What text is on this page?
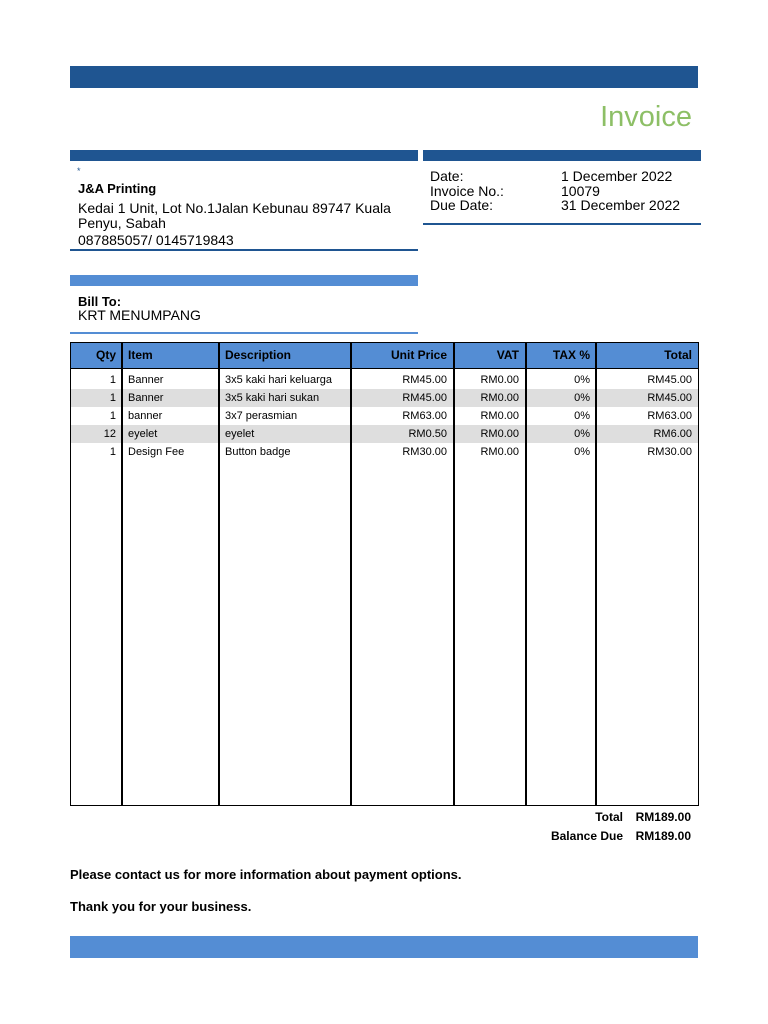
Invoice
*
J&A Printing
Kedai 1 Unit, Lot No.1Jalan Kebunau 89747 Kuala Penyu, Sabah
087885057/ 0145719843
Date:	1 December 2022
Invoice No.:	10079
Due Date:	31 December 2022
Bill To:
KRT MENUMPANG
Qty Item	Description	Unit Price	VAT	TAX %	Total
1 Banner	3x5 kaki hari keluarga	RM45.00	RM0.00	0%	RM45.00
1 Banner	3x5 kaki hari sukan	RM45.00	RM0.00	0%	RM45.00
1 banner	3x7 perasmian	RM63.00	RM0.00	0%	RM63.00
12 eyelet	eyelet	RM0.50	RM0.00	0%	RM6.00
1 Design Fee	Button badge	RM30.00	RM0.00	0%	RM30.00
Total	RM189.00
Balance Due	RM189.00
Please contact us for more information about payment options.
Thank you for your business.
